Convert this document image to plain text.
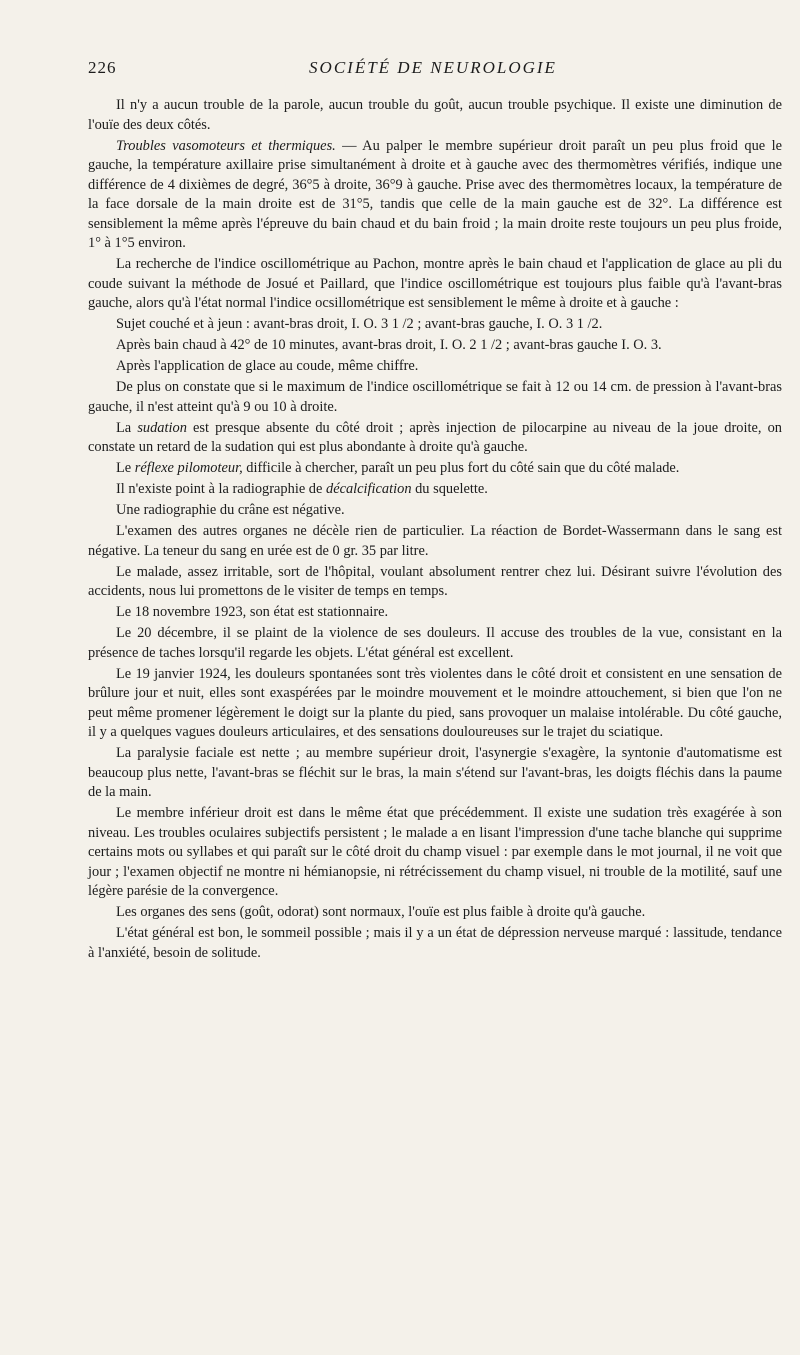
226	SOCIÉTÉ DE NEUROLOGIE

Il n'y a aucun trouble de la parole, aucun trouble du goût, aucun trouble psychique. Il existe une diminution de l'ouïe des deux côtés.

Troubles vasomoteurs et thermiques. — Au palper le membre supérieur droit paraît un peu plus froid que le gauche, la température axillaire prise simultanément à droite et à gauche avec des thermomètres vérifiés, indique une différence de 4 dixièmes de degré, 36°5 à droite, 36°9 à gauche. Prise avec des thermomètres locaux, la température de la face dorsale de la main droite est de 31°5, tandis que celle de la main gauche est de 32°. La différence est sensiblement la même après l'épreuve du bain chaud et du bain froid ; la main droite reste toujours un peu plus froide, 1° à 1°5 environ.

La recherche de l'indice oscillométrique au Pachon, montre après le bain chaud et l'application de glace au pli du coude suivant la méthode de Josué et Paillard, que l'indice oscillométrique est toujours plus faible qu'à l'avant-bras gauche, alors qu'à l'état normal l'indice ocsillométrique est sensiblement le même à droite et à gauche :

Sujet couché et à jeun : avant-bras droit, I. O. 3 1 /2 ; avant-bras gauche, I. O. 3 1 /2.

Après bain chaud à 42° de 10 minutes, avant-bras droit, I. O. 2 1 /2 ; avant-bras gauche I. O. 3.

Après l'application de glace au coude, même chiffre.

De plus on constate que si le maximum de l'indice oscillométrique se fait à 12 ou 14 cm. de pression à l'avant-bras gauche, il n'est atteint qu'à 9 ou 10 à droite.

La sudation est presque absente du côté droit ; après injection de pilocarpine au niveau de la joue droite, on constate un retard de la sudation qui est plus abondante à droite qu'à gauche.

Le réflexe pilomoteur, difficile à chercher, paraît un peu plus fort du côté sain que du côté malade.

Il n'existe point à la radiographie de décalcification du squelette.

Une radiographie du crâne est négative.

L'examen des autres organes ne décèle rien de particulier. La réaction de Bordet-Wassermann dans le sang est négative. La teneur du sang en urée est de 0 gr. 35 par litre.

Le malade, assez irritable, sort de l'hôpital, voulant absolument rentrer chez lui. Désirant suivre l'évolution des accidents, nous lui promettons de le visiter de temps en temps.

Le 18 novembre 1923, son état est stationnaire.

Le 20 décembre, il se plaint de la violence de ses douleurs. Il accuse des troubles de la vue, consistant en la présence de taches lorsqu'il regarde les objets. L'état général est excellent.

Le 19 janvier 1924, les douleurs spontanées sont très violentes dans le côté droit et consistent en une sensation de brûlure jour et nuit, elles sont exaspérées par le moindre mouvement et le moindre attouchement, si bien que l'on ne peut même promener légèrement le doigt sur la plante du pied, sans provoquer un malaise intolérable. Du côté gauche, il y a quelques vagues douleurs articulaires, et des sensations douloureuses sur le trajet du sciatique.

La paralysie faciale est nette ; au membre supérieur droit, l'asynergie s'exagère, la syntonie d'automatisme est beaucoup plus nette, l'avant-bras se fléchit sur le bras, la main s'étend sur l'avant-bras, les doigts fléchis dans la paume de la main.

Le membre inférieur droit est dans le même état que précédemment. Il existe une sudation très exagérée à son niveau. Les troubles oculaires subjectifs persistent ; le malade a en lisant l'impression d'une tache blanche qui supprime certains mots ou syllabes et qui paraît sur le côté droit du champ visuel : par exemple dans le mot journal, il ne voit que jour ; l'examen objectif ne montre ni hémianopsie, ni rétrécissement du champ visuel, ni trouble de la motilité, sauf une légère parésie de la convergence.

Les organes des sens (goût, odorat) sont normaux, l'ouïe est plus faible à droite qu'à gauche.

L'état général est bon, le sommeil possible ; mais il y a un état de dépression nerveuse marqué : lassitude, tendance à l'anxiété, besoin de solitude.
